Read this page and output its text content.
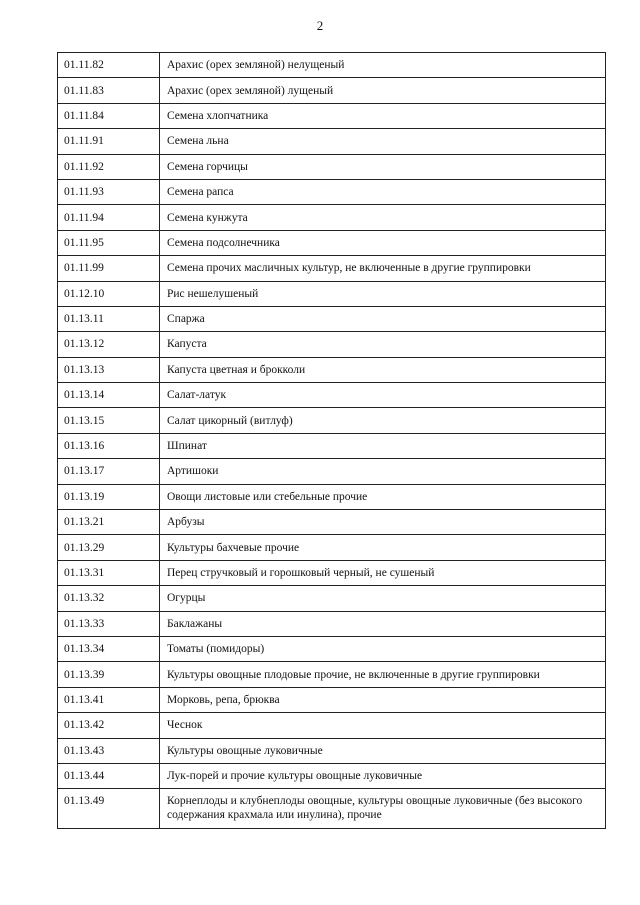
2
01.11.82	Арахис (орех земляной) нелущеный
01.11.83	Арахис (орех земляной) лущеный
01.11.84	Семена хлопчатника
01.11.91	Семена льна
01.11.92	Семена горчицы
01.11.93	Семена рапса
01.11.94	Семена кунжута
01.11.95	Семена подсолнечника
01.11.99	Семена прочих масличных культур, не включенные в другие группировки
01.12.10	Рис нешелушеный
01.13.11	Спаржа
01.13.12	Капуста
01.13.13	Капуста цветная и брокколи
01.13.14	Салат-латук
01.13.15	Салат цикорный (витлуф)
01.13.16	Шпинат
01.13.17	Артишоки
01.13.19	Овощи листовые или стебельные прочие
01.13.21	Арбузы
01.13.29	Культуры бахчевые прочие
01.13.31	Перец стручковый и горошковый черный, не сушеный
01.13.32	Огурцы
01.13.33	Баклажаны
01.13.34	Томаты (помидоры)
01.13.39	Культуры овощные плодовые прочие, не включенные в другие группировки
01.13.41	Морковь, репа, брюква
01.13.42	Чеснок
01.13.43	Культуры овощные луковичные
01.13.44	Лук-порей и прочие культуры овощные луковичные
01.13.49	Корнеплоды и клубнеплоды овощные, культуры овощные луковичные (без высокого содержания крахмала или инулина), прочие
